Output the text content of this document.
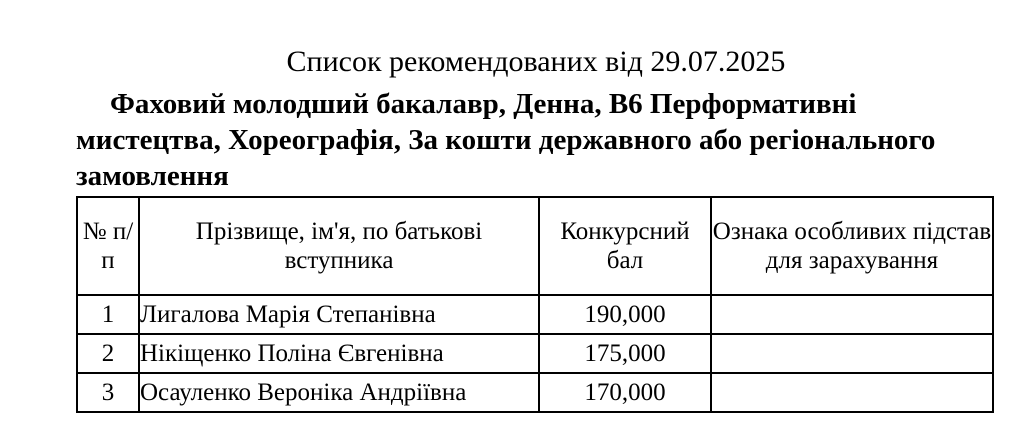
Список рекомендованих від 29.07.2025
Фаховий молодший бакалавр, Денна, B6 Перформативні мистецтва, Хореографія, За кошти державного або регіонального замовлення
№ п/п	Прізвище, ім'я, по батькові вступника	Конкурсний бал	Ознака особливих підстав для зарахування
1	Лигалова Марія Степанівна	190,000	
2	Нікіщенко Поліна Євгенівна	175,000	
3	Осауленко Вероніка Андріївна	170,000	
